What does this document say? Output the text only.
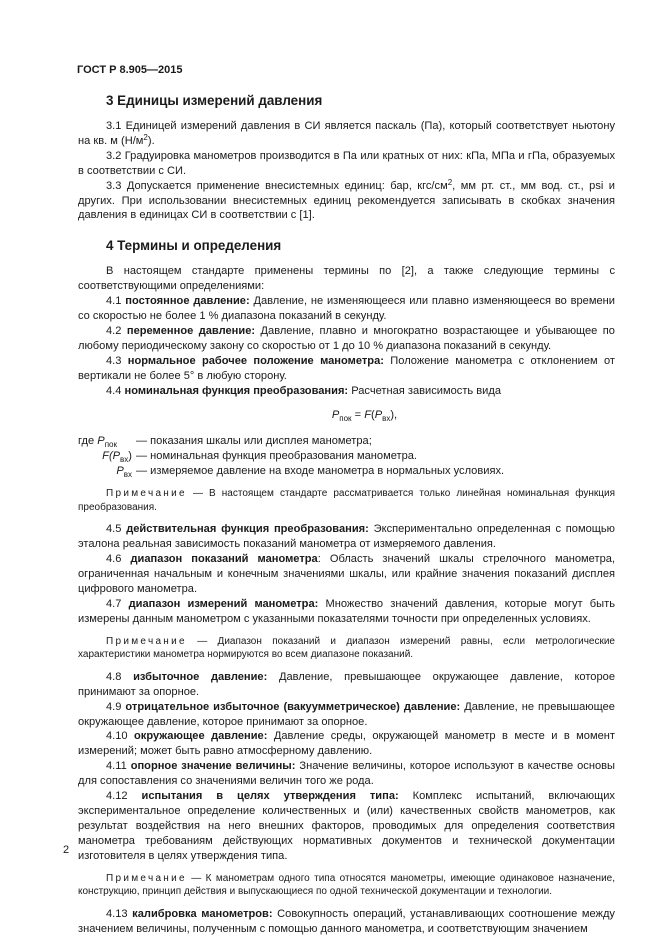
ГОСТ Р 8.905—2015
3 Единицы измерений давления

3.1 Единицей измерений давления в СИ является паскаль (Па), который соответствует ньютону на кв. м $(Н/м^2)$.

3.2 Градуировка манометров производится в Па или кратных от них: кПа, МПа и гПа, образуемых в соответствии с СИ.

3.3 Допускается применение внесистемных единиц: бар, кгс/$см^2$, мм рт. ст., мм вод. ст., psi и других. При использовании внесистемных единиц рекомендуется записывать в скобках значения давления в единицах СИ в соответствии с [1].

4 Термины и определения

В настоящем стандарте применены термины по [2], а также следующие термины с соответствующими определениями:

4.1 постоянное давление: Давление, не изменяющееся или плавно изменяющееся во времени со скоростью не более 1 % диапазона показаний в секунду.

4.2 переменное давление: Давление, плавно и многократно возрастающее и убывающее по любому периодическому закону со скоростью от 1 до 10 % диапазона показаний в секунду.

4.3 нормальное рабочее положение манометра: Положение манометра с отклонением от вертикали не более 5° в любую сторону.

4.4 номинальная функция преобразования: Расчетная зависимость вида

$P_{пок} = F(P_{вх})$,

где $P_{пок}$	— показания шкалы или дисплея манометра;
$F(P_{вх})$ — номинальная функция преобразования манометра.
$P_{вх}$ — измеряемое давление на входе манометра в нормальных условиях.

Примечание — В настоящем стандарте рассматривается только линейная номинальная функция преобразования.

4.5 действительная функция преобразования: Экспериментально определенная с помощью эталона реальная зависимость показаний манометра от измеряемого давления.

4.6 диапазон показаний манометра: Область значений шкалы стрелочного манометра, ограниченная начальным и конечным значениями шкалы, или крайние значения показаний дисплея цифрового манометра.

4.7 диапазон измерений манометра: Множество значений давления, которые могут быть измерены данным манометром с указанными показателями точности при определенных условиях.

Примечание — Диапазон показаний и диапазон измерений равны, если метрологические характеристики манометра нормируются во всем диапазоне показаний.

4.8 избыточное давление: Давление, превышающее окружающее давление, которое принимают за опорное.

4.9 отрицательное избыточное (вакуумметрическое) давление: Давление, не превышающее окружающее давление, которое принимают за опорное.

4.10 окружающее давление: Давление среды, окружающей манометр в месте и в момент измерений; может быть равно атмосферному давлению.

4.11 опорное значение величины: Значение величины, которое используют в качестве основы для сопоставления со значениями величин того же рода.

4.12 испытания в целях утверждения типа: Комплекс испытаний, включающих экспериментальное определение количественных и (или) качественных свойств манометров, как результат воздействия на него внешних факторов, проводимых для определения соответствия манометра требованиям действующих нормативных документов и технической документации изготовителя в целях утверждения типа.

Примечание — К манометрам одного типа относятся манометры, имеющие одинаковое назначение, конструкцию, принцип действия и выпускающиеся по одной технической документации и технологии.

4.13 калибровка манометров: Совокупность операций, устанавливающих соотношение между значением величины, полученным с помощью данного манометра, и соответствующим значением

2
